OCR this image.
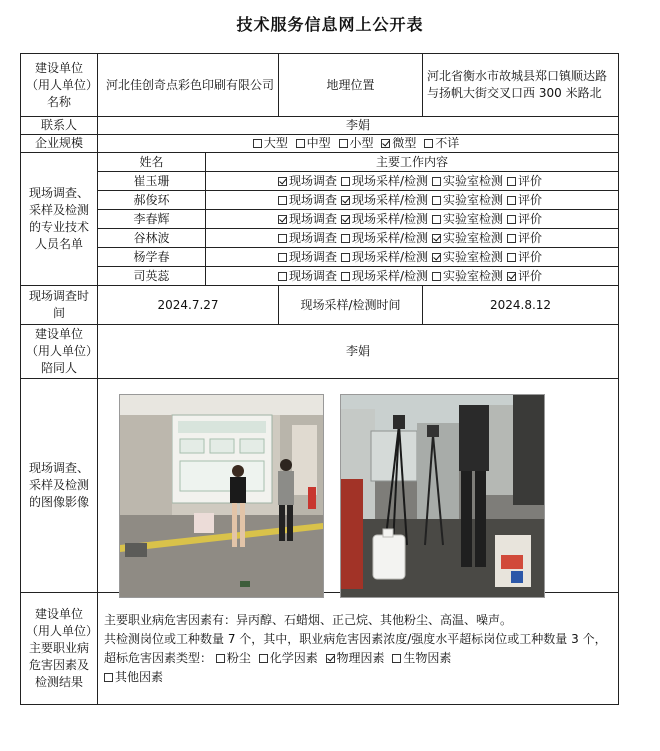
技术服务信息网上公开表
建设单位（用人单位）名称	河北佳创奇点彩色印刷有限公司		地理位置	河北省衡水市故城县郑口镇顺达路与扬帆大街交叉口西 300 米路北
联系人	李娟			
企业规模	大型 中型 小型 微型 不详			
现场调查、采样及检测的专业技术人员名单	姓名	主要工作内容		
	崔玉珊	现场调查 现场采样/检测 实验室检测 评价		
	郝俊环	现场调查 现场采样/检测 实验室检测 评价		
	李春辉	现场调查 现场采样/检测 实验室检测 评价		
	谷林波	现场调查 现场采样/检测 实验室检测 评价		
	杨学春	现场调查 现场采样/检测 实验室检测 评价		
	司英蕊	现场调查 现场采样/检测 实验室检测 评价		
现场调查时间	2024.7.27		现场采样/检测时间	2024.8.12
建设单位（用人单位）陪同人	李娟			
现场调查、采样及检测的图像影像				
建设单位（用人单位）主要职业病危害因素及检测结果	主要职业病危害因素有：异丙醇、石蜡烟、正己烷、其他粉尘、高温、噪声。

共检测岗位或工种数量 7 个，其中，职业病危害因素浓度/强度水平超标岗位或工种数量 3 个，

超标危害因素类型： 粉尘 化学因素 物理因素 生物因素

其他因素			
